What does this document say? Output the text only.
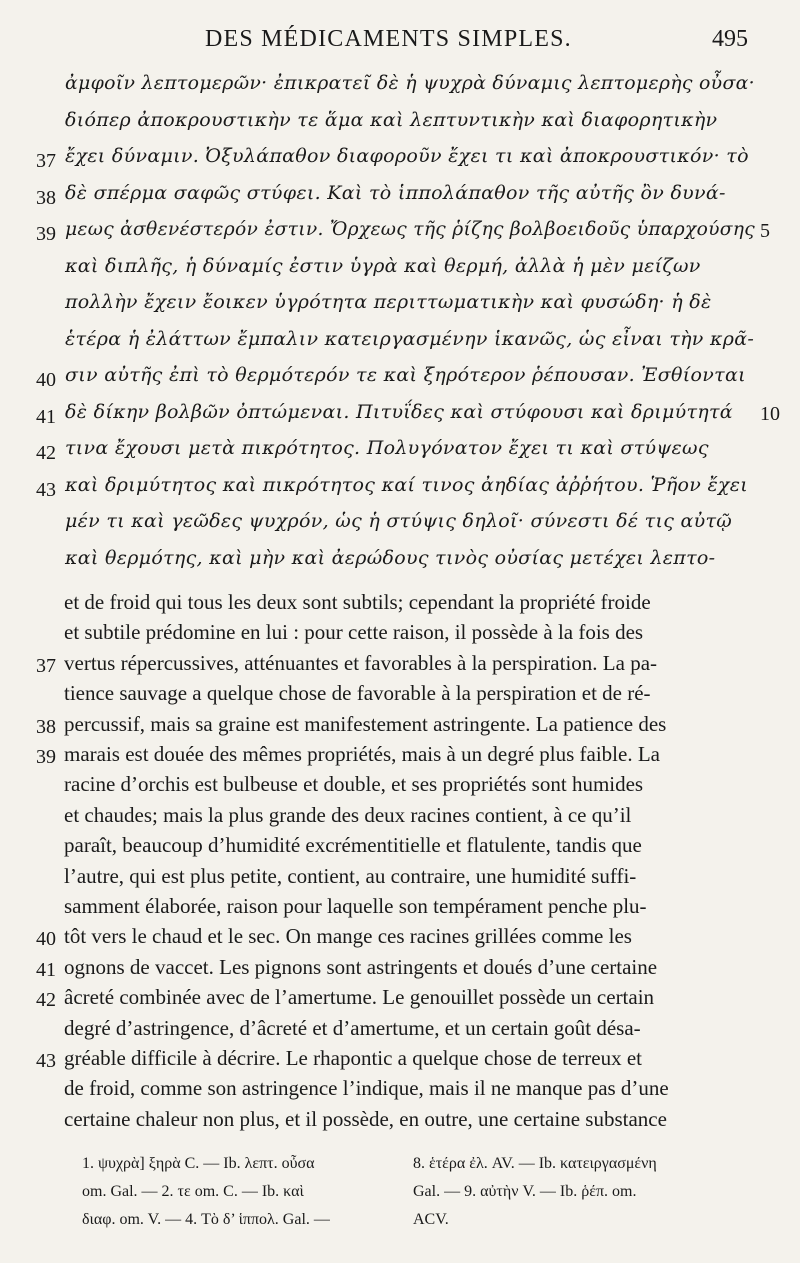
DES MÉDICAMENTS SIMPLES.	495
ἀμφοῖν λεπτομερῶν· ἐπικρατεῖ δὲ ἡ ψυχρὰ δύναμις λεπτομερὴς οὖσα·
διόπερ ἀποκρουστικὴν τε ἅμα καὶ λεπτυντικὴν καὶ διαφορητικὴν
ἔχει δύναμιν. Ὀξυλάπαθον διαφοροῦν ἔχει τι καὶ ἀποκρουστικόν· τὸ
37
δὲ σπέρμα σαφῶς στύφει. Καὶ τὸ ἱππολάπαθον τῆς αὐτῆς ὂν δυνά-
38
μεως ἀσθενέστερόν ἐστιν. Ὄρχεως τῆς ῥίζης βολβοειδοῦς ὑπαρχούσης
39	5
καὶ διπλῆς, ἡ δύναμίς ἐστιν ὑγρὰ καὶ θερμή, ἀλλὰ ἡ μὲν μείζων
πολλὴν ἔχειν ἔοικεν ὑγρότητα περιττωματικὴν καὶ φυσώδη· ἡ δὲ
ἑτέρα ἡ ἐλάττων ἔμπαλιν κατειργασμένην ἱκανῶς, ὡς εἶναι τὴν κρᾶ-
σιν αὐτῆς ἐπὶ τὸ θερμότερόν τε καὶ ξηρότερον ῥέπουσαν. Ἐσθίονται
40
δὲ δίκην βολβῶν ὀπτώμεναι. Πιτυΐδες καὶ στύφουσι καὶ δριμύτητά
41	10
τινα ἔχουσι μετὰ πικρότητος. Πολυγόνατον ἔχει τι καὶ στύψεως
42
καὶ δριμύτητος καὶ πικρότητος καί τινος ἀηδίας ἀῤῥήτου. Ῥῆον ἔχει
43
μέν τι καὶ γεῶδες ψυχρόν, ὡς ἡ στύψις δηλοῖ· σύνεστι δέ τις αὐτῷ
καὶ θερμότης, καὶ μὴν καὶ ἀερώδους τινὸς οὐσίας μετέχει λεπτο-
et de froid qui tous les deux sont subtils; cependant la propriété froide
et subtile prédomine en lui : pour cette raison, il possède à la fois des
vertus répercussives, atténuantes et favorables à la perspiration. La pa-
37
tience sauvage a quelque chose de favorable à la perspiration et de ré-
percussif, mais sa graine est manifestement astringente. La patience des
38
marais est douée des mêmes propriétés, mais à un degré plus faible. La
39
racine d’orchis est bulbeuse et double, et ses propriétés sont humides
et chaudes; mais la plus grande des deux racines contient, à ce qu’il
paraît, beaucoup d’humidité excrémentitielle et flatulente, tandis que
l’autre, qui est plus petite, contient, au contraire, une humidité suffi-
samment élaborée, raison pour laquelle son tempérament penche plu-
tôt vers le chaud et le sec. On mange ces racines grillées comme les
40
ognons de vaccet. Les pignons sont astringents et doués d’une certaine
41
âcreté combinée avec de l’amertume. Le genouillet possède un certain
42
degré d’astringence, d’âcreté et d’amertume, et un certain goût désa-
gréable difficile à décrire. Le rhapontic a quelque chose de terreux et
43
de froid, comme son astringence l’indique, mais il ne manque pas d’une
certaine chaleur non plus, et il possède, en outre, une certaine substance
1. ψυχρὰ] ξηρὰ C. — Ib. λεπτ. οὖσα
om. Gal. — 2. τε om. C. — Ib. καὶ
διαφ. om. V. — 4. Τὸ δ’ ἱππολ. Gal. —
8. ἑτέρα ἐλ. AV. — Ib. κατειργασμένη
Gal. — 9. αὐτὴν V. — Ib. ῥέπ. om.
ACV.
